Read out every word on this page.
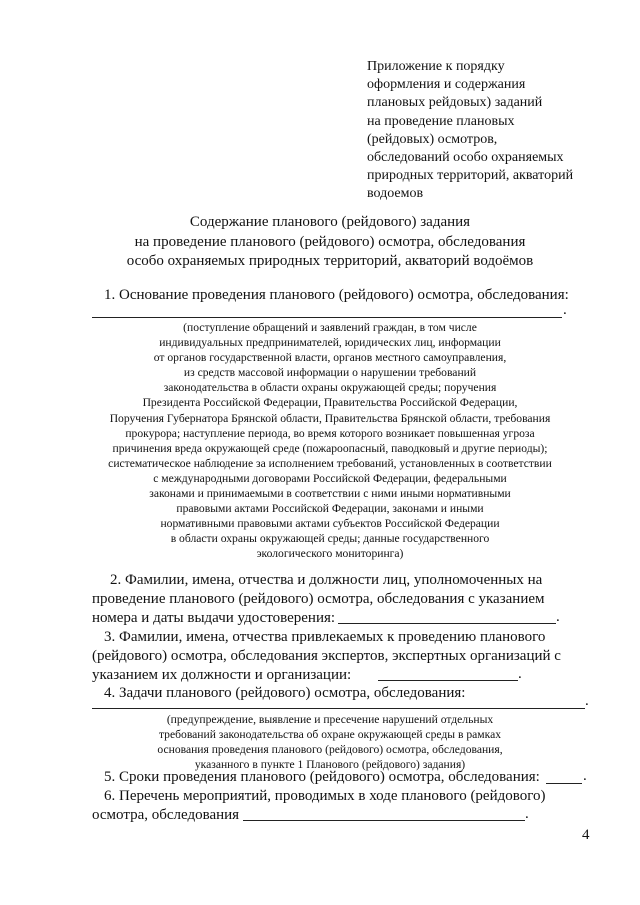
Приложение к порядку
оформления и содержания
плановых рейдовых) заданий
на проведение плановых
(рейдовых) осмотров,
обследований особо охраняемых
природных территорий, акваторий
водоемов
Содержание планового (рейдового) задания
на проведение планового (рейдового) осмотра, обследования
особо охраняемых природных территорий, акваторий водоёмов
1. Основание проведения планового (рейдового) осмотра, обследования:
.
(поступление обращений и заявлений граждан, в том числе
индивидуальных предпринимателей, юридических лиц, информации
от органов государственной власти, органов местного самоуправления,
из средств массовой информации о нарушении требований
законодательства в области охраны окружающей среды; поручения
Президента Российской Федерации, Правительства Российской Федерации,
Поручения Губернатора Брянской области, Правительства Брянской области, требования
прокурора; наступление периода, во время которого возникает повышенная угроза
причинения вреда окружающей среде (пожароопасный, паводковый и другие периоды);
систематическое наблюдение за исполнением требований, установленных в соответствии
с международными договорами Российской Федерации, федеральными
законами и принимаемыми в соответствии с ними иными нормативными
правовыми актами Российской Федерации, законами и иными
нормативными правовыми актами субъектов Российской Федерации
в области охраны окружающей среды; данные государственного
экологического мониторинга)
2. Фамилии, имена, отчества и должности лиц, уполномоченных на
проведение планового (рейдового) осмотра, обследования с указанием
номера и даты выдачи удостоверения:	.
3. Фамилии, имена, отчества привлекаемых к проведению планового
(рейдового) осмотра, обследования экспертов, экспертных организаций с
указанием их должности и организации:	.
4. Задачи планового (рейдового) осмотра, обследования:	.
(предупреждение, выявление и пресечение нарушений отдельных
требований законодательства об охране окружающей среды в рамках
основания проведения планового (рейдового) осмотра, обследования,
указанного в пункте 1 Планового (рейдового) задания)
5. Сроки проведения планового (рейдового) осмотра, обследования:	.
6. Перечень мероприятий, проводимых в ходе планового (рейдового)
осмотра, обследования	.
4
